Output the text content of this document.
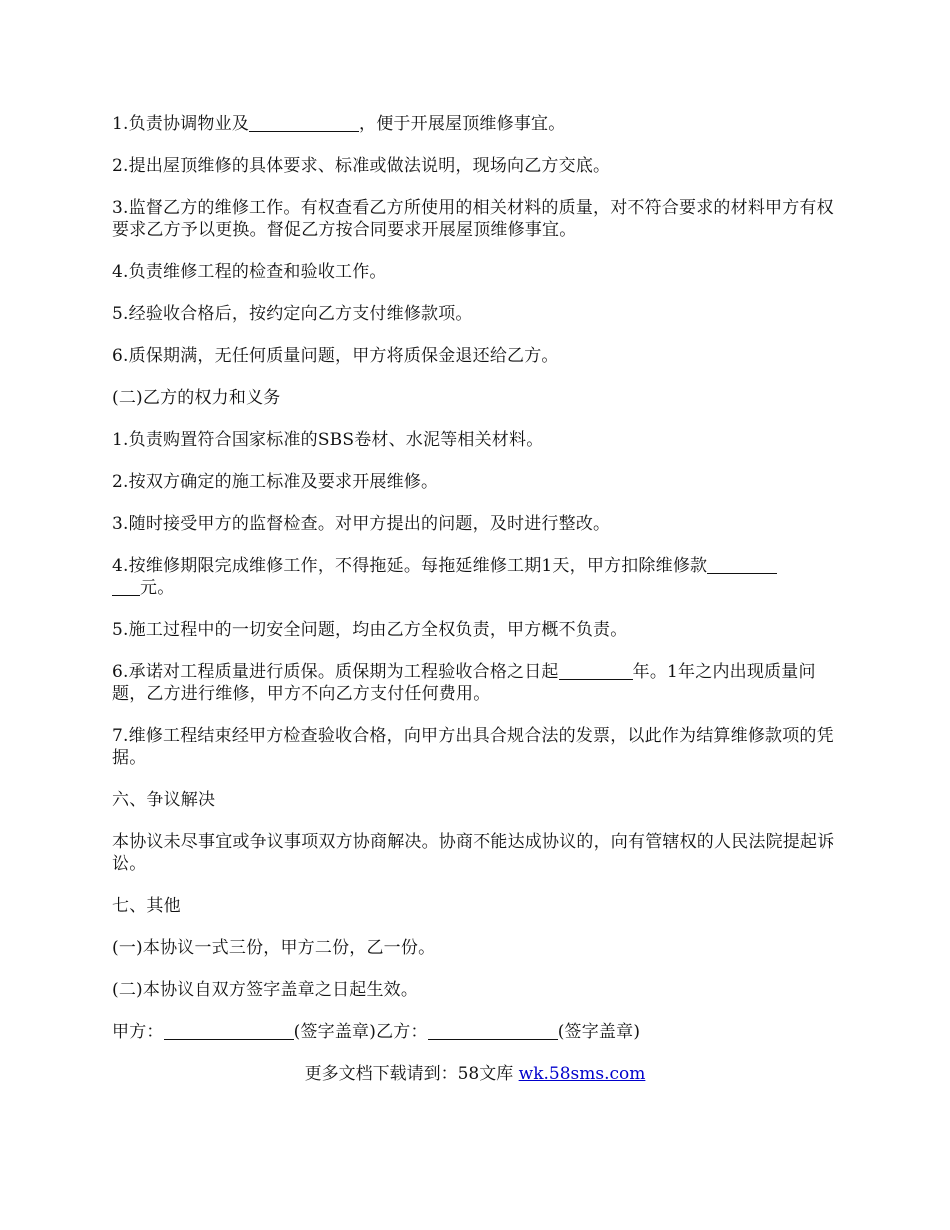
1.负责协调物业及	，便于开展屋顶维修事宜。

2.提出屋顶维修的具体要求、标准或做法说明，现场向乙方交底。

3.监督乙方的维修工作。有权查看乙方所使用的相关材料的质量，对不符合要求的材料甲方有权要求乙方予以更换。督促乙方按合同要求开展屋顶维修事宜。

4.负责维修工程的检查和验收工作。

5.经验收合格后，按约定向乙方支付维修款项。

6.质保期满，无任何质量问题，甲方将质保金退还给乙方。

(二)乙方的权力和义务

1.负责购置符合国家标准的SBS卷材、水泥等相关材料。

2.按双方确定的施工标准及要求开展维修。

3.随时接受甲方的监督检查。对甲方提出的问题，及时进行整改。

4.按维修期限完成维修工作，不得拖延。每拖延维修工期1天，甲方扣除维修款
元。

5.施工过程中的一切安全问题，均由乙方全权负责，甲方概不负责。

6.承诺对工程质量进行质保。质保期为工程验收合格之日起	年。1年之内出现质量问题，乙方进行维修，甲方不向乙方支付任何费用。

7.维修工程结束经甲方检查验收合格，向甲方出具合规合法的发票，以此作为结算维修款项的凭据。

六、争议解决

本协议未尽事宜或争议事项双方协商解决。协商不能达成协议的，向有管辖权的人民法院提起诉讼。

七、其他

(一)本协议一式三份，甲方二份，乙一份。

(二)本协议自双方签字盖章之日起生效。

甲方：	(签字盖章)乙方：	(签字盖章)

更多文档下载请到：58文库 wk.58sms.com
